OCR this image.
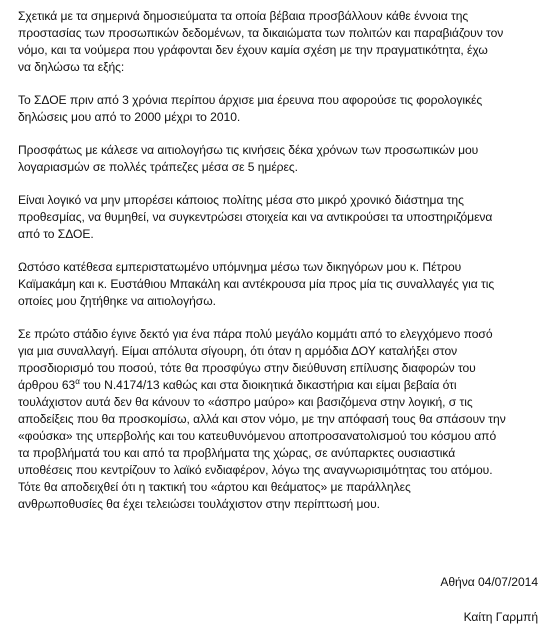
Σχετικά με τα σημερινά δημοσιεύματα τα οποία βέβαια προσβάλλουν κάθε έννοια της
προστασίας των προσωπικών δεδομένων, τα δικαιώματα των πολιτών και παραβιάζουν τον
νόμο, και τα νούμερα που γράφονται δεν έχουν καμία σχέση με την πραγματικότητα, έχω
να δηλώσω τα εξής:
Το ΣΔΟΕ πριν από 3 χρόνια περίπου άρχισε μια έρευνα που αφορούσε τις φορολογικές
δηλώσεις μου από το 2000 μέχρι το 2010.
Προσφάτως με κάλεσε να αιτιολογήσω τις κινήσεις δέκα χρόνων των προσωπικών μου
λογαριασμών σε πολλές τράπεζες μέσα σε 5 ημέρες.
Είναι λογικό να μην μπορέσει κάποιος πολίτης μέσα στο μικρό χρονικό διάστημα της
προθεσμίας, να θυμηθεί, να συγκεντρώσει στοιχεία και να αντικρούσει τα υποστηριζόμενα
από το ΣΔΟΕ.
Ωστόσο κατέθεσα εμπεριστατωμένο υπόμνημα μέσω των δικηγόρων μου κ. Πέτρου
Καϊμακάμη και κ. Ευστάθιου Μπακάλη και αντέκρουσα μία προς μία τις συναλλαγές για τις
οποίες μου ζητήθηκε να αιτιολογήσω.
Σε πρώτο στάδιο έγινε δεκτό για ένα πάρα πολύ μεγάλο κομμάτι από το ελεγχόμενο ποσό
για μια συναλλαγή. Είμαι απόλυτα σίγουρη, ότι όταν η αρμόδια ΔΟΥ καταλήξει στον
προσδιορισμό του ποσού, τότε θα προσφύγω στην διεύθυνση επίλυσης διαφορών του
άρθρου $63^\alpha$ του Ν.4174/13 καθώς και στα διοικητικά δικαστήρια και είμαι βεβαία ότι
τουλάχιστον αυτά δεν θα κάνουν το «άσπρο μαύρο» και βασιζόμενα στην λογική, σ τις
αποδείξεις που θα προσκομίσω, αλλά και στον νόμο, με την απόφασή τους θα σπάσουν την
«φούσκα» της υπερβολής και του κατευθυνόμενου αποπροσανατολισμού του κόσμου από
τα προβλήματά του και από τα προβλήματα της χώρας, σε ανύπαρκτες ουσιαστικά
υποθέσεις που κεντρίζουν το λαϊκό ενδιαφέρον, λόγω της αναγνωρισιμότητας του ατόμου.
Τότε θα αποδειχθεί ότι η τακτική του «άρτου και θεάματος» με παράλληλες
ανθρωποθυσίες θα έχει τελειώσει τουλάχιστον στην περίπτωσή μου.

Αθήνα 04/07/2014

Καίτη Γαρμπή
